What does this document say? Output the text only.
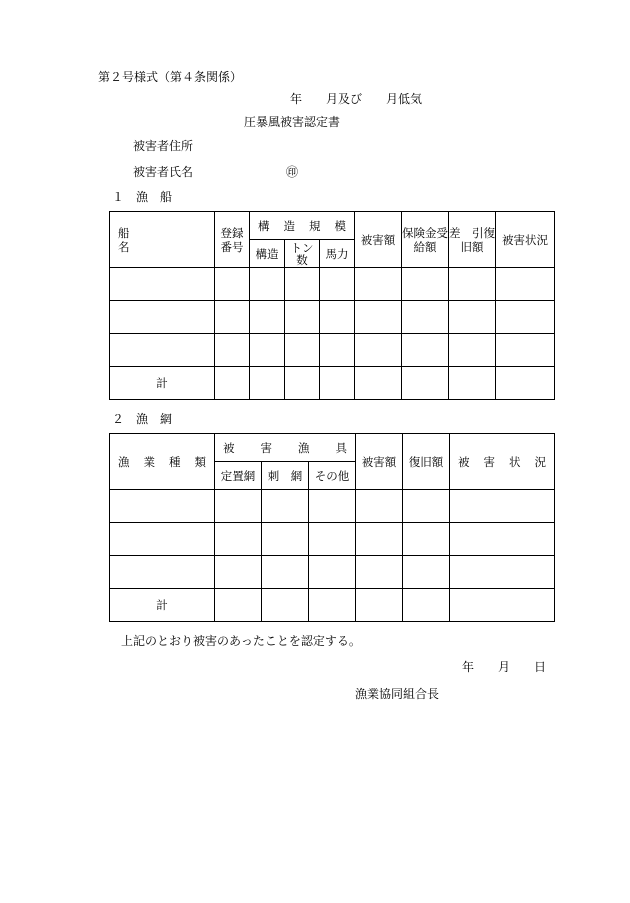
第２号様式（第４条関係）
年　　月及び　　月低気
圧暴風被害認定書
被害者住所
被害者氏名	㊞
１　漁　船
船　　　　　　　名	登録番号	構　造　規　模			被害額	保険金受給額	差　引復旧額	被害状況
		構造	トン数	馬力				

計								
２　漁　網
漁　業　種　類	被　　害　　漁　　具			被害額	復旧額	被　害　状　況
	定置網	刺　網	その他			

計						
上記のとおり被害のあったことを認定する。
年　　月　　日
漁業協同組合長
